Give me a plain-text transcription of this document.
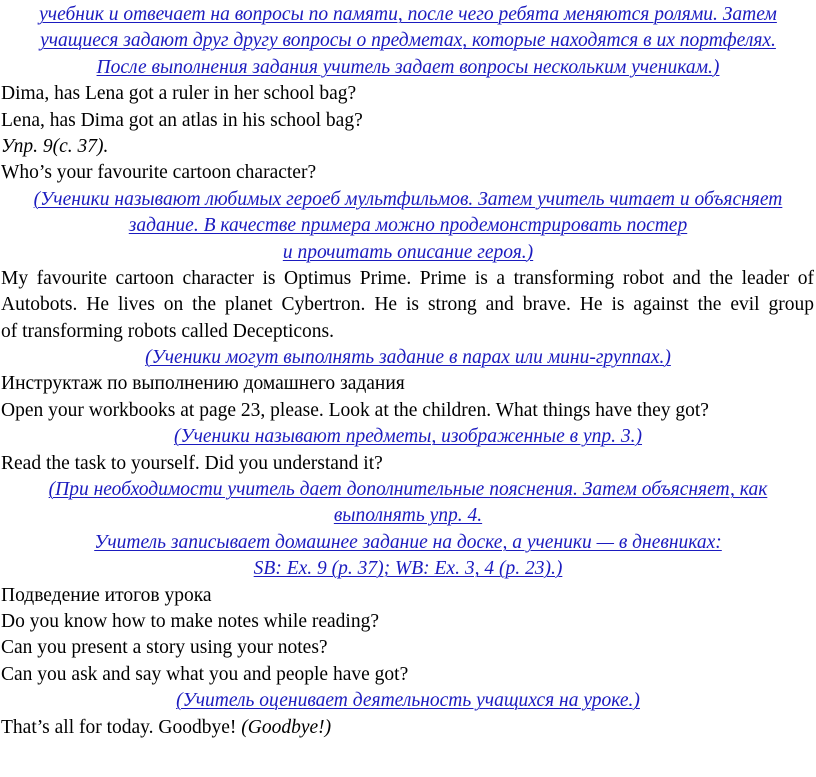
учебник и отвечает на вопросы по памяти, после чего ребята меняются ролями. Затем
учащиеся задают друг другу вопросы о предметах, которые находятся в их портфелях.
После выполнения задания учитель задает вопросы нескольким ученикам.)
Dima, has Lena got a ruler in her school bag?
Lena, has Dima got an atlas in his school bag?
Упр. 9(с. 37).
Who’s your favourite cartoon character?
(Ученики называют любимых героеб мультфильмов. Затем учитель читает и объясняет
задание. В качестве примера можно продемонстрировать постер
и прочитать описание героя.)
My favourite cartoon character is Optimus Prime. Prime is a transforming robot and the leader of
Autobots. He lives on the planet Cybertron. He is strong and brave. He is against the evil group
of transforming robots called Decepticons.
(Ученики могут выполнять задание в парах или мини-группах.)
Инструктаж по выполнению домашнего задания
Open your workbooks at page 23, please. Look at the children. What things have they got?
(Ученики называют предметы, изображенные в упр. 3.)
Read the task to yourself. Did you understand it?
(При необходимости учитель дает дополнительные пояснения. Затем объясняет, как
выполнять упр. 4.
Учитель записывает домашнее задание на доске, а ученики — в дневниках:
SB: Ex. 9 (p. 37); WB: Ex. 3, 4 (p. 23).)
Подведение итогов урока
Do you know how to make notes while reading?
Can you present a story using your notes?
Can you ask and say what you and people have got?
(Учитель оценивает деятельность учащихся на уроке.)
That’s all for today. Goodbye! (Goodbye!)
